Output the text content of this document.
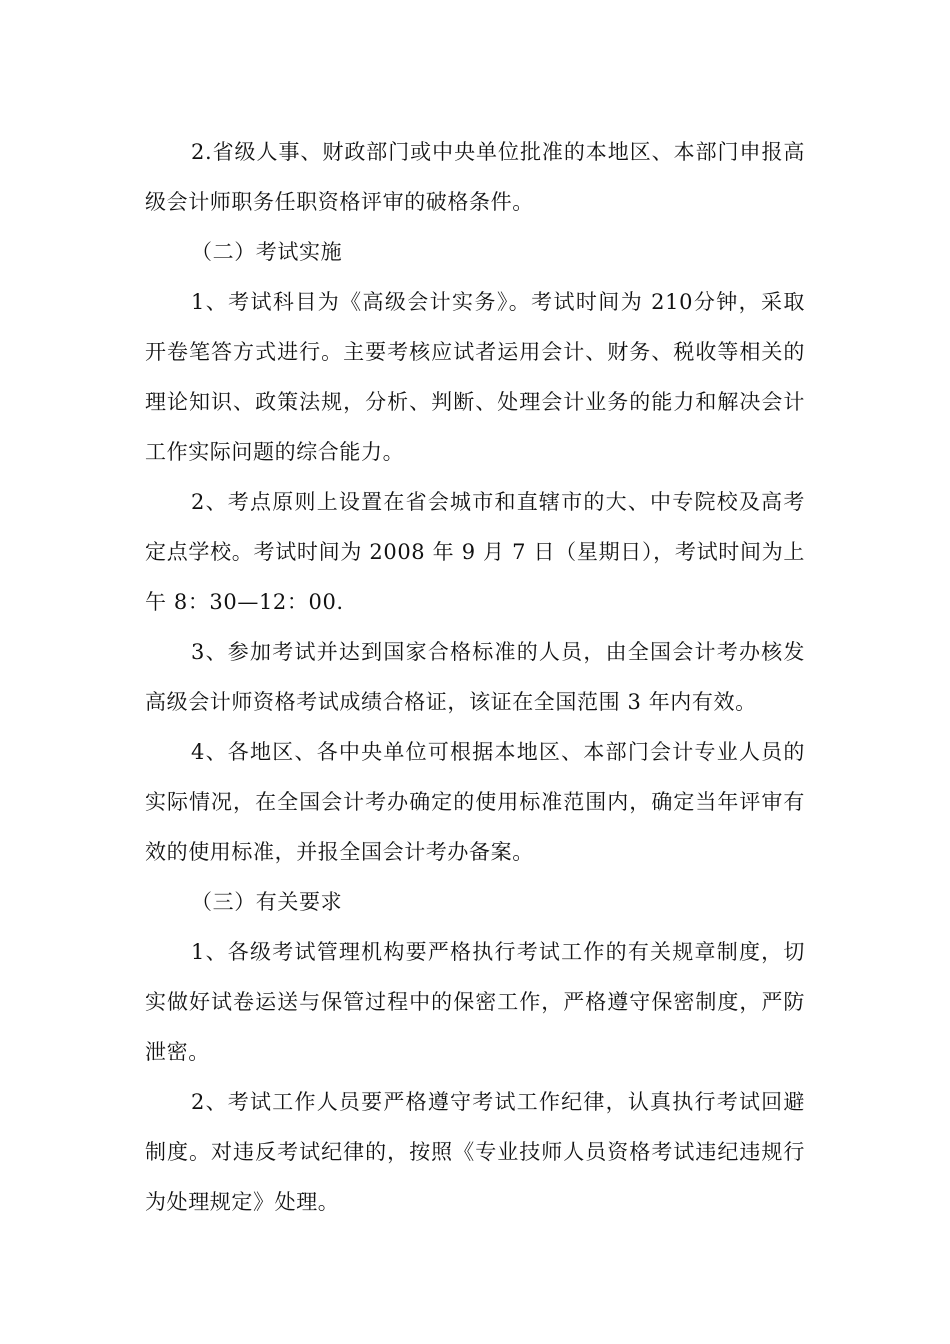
2.省级人事、财政部门或中央单位批准的本地区、本部门申报高级会计师职务任职资格评审的破格条件。

（二）考试实施

1、考试科目为《高级会计实务》。考试时间为 210分钟，采取开卷笔答方式进行。主要考核应试者运用会计、财务、税收等相关的理论知识、政策法规，分析、判断、处理会计业务的能力和解决会计工作实际问题的综合能力。

2、考点原则上设置在省会城市和直辖市的大、中专院校及高考定点学校。考试时间为 2008 年 9 月 7 日（星期日），考试时间为上午 8：30—12：00.

3、参加考试并达到国家合格标准的人员，由全国会计考办核发高级会计师资格考试成绩合格证，该证在全国范围 3 年内有效。

4、各地区、各中央单位可根据本地区、本部门会计专业人员的实际情况，在全国会计考办确定的使用标准范围内，确定当年评审有效的使用标准，并报全国会计考办备案。

（三）有关要求

1、各级考试管理机构要严格执行考试工作的有关规章制度，切实做好试卷运送与保管过程中的保密工作，严格遵守保密制度，严防泄密。

2、考试工作人员要严格遵守考试工作纪律，认真执行考试回避制度。对违反考试纪律的，按照《专业技师人员资格考试违纪违规行为处理规定》处理。
